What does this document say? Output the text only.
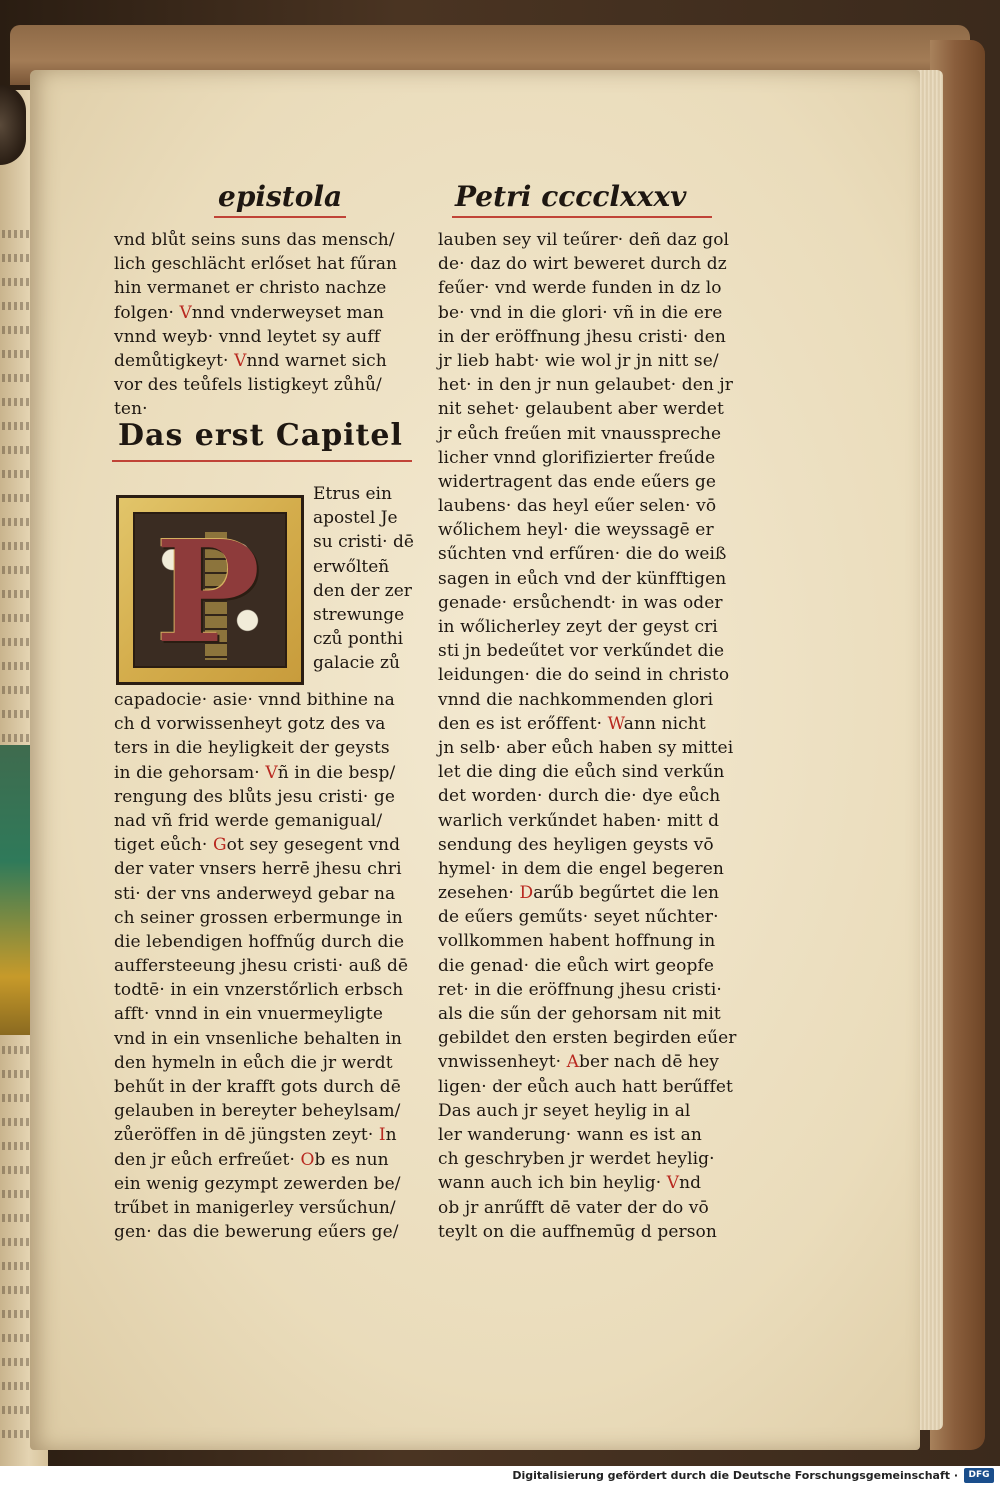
epistola	Petri cccclxxxv
vnd blůt seins suns das mensch/
lich geschlächt erlőset hat fűran
hin vermanet er christo nachze
folgen· Vnnd vnderweyset man
vnnd weyb· vnnd leytet sy auff
demůtigkeyt· Vnnd warnet sich
vor des teůfels listigkeyt zůhů/
ten·
Das erst Capitel
P
Etrus ein
apostel Je
su cristi· dē
erwőlteñ
den der zer
strewunge
czů ponthi
galacie zů
capadocie· asie· vnnd bithine na
ch d vorwissenheyt gotz des va
ters in die heyligkeit der geysts
in die gehorsam· Vñ in die besp/
rengung des blůts jesu cristi· ge
nad vñ frid werde gemanigual/
tiget eůch· Got sey gesegent vnd
der vater vnsers herrē jhesu chri
sti· der vns anderweyd gebar na
ch seiner grossen erbermunge in
die lebendigen hoffnűg durch die
auffersteeung jhesu cristi· auß dē
todtē· in ein vnzerstőrlich erbsch
afft· vnnd in ein vnuermeyligte
vnd in ein vnsenliche behalten in
den hymeln in eůch die jr werdt
behűt in der krafft gots durch dē
gelauben in bereyter beheylsam/
zůeröffen in dē jüngsten zeyt· In
den jr eůch erfreűet· Ob es nun
ein wenig gezympt zewerden be/
trűbet in manigerley versűchun/
gen· das die bewerung eűers ge/
lauben sey vil teűrer· deñ daz gol
de· daz do wirt beweret durch dz
feűer· vnd werde funden in dz lo
be· vnd in die glori· vñ in die ere
in der eröffnung jhesu cristi· den
jr lieb habt· wie wol jr jn nitt se/
het· in den jr nun gelaubet· den jr
nit sehet· gelaubent aber werdet
jr eůch freűen mit vnausspreche
licher vnnd glorifizierter freűde
widertragent das ende eűers ge
laubens· das heyl eűer selen· vō
wőlichem heyl· die weyssagē er
sűchten vnd erfűren· die do weiß
sagen in eůch vnd der künfftigen
genade· ersůchendt· in was oder
in wőlicherley zeyt der geyst cri
sti jn bedeűtet vor verkűndet die
leidungen· die do seind in christo
vnnd die nachkommenden glori
den es ist erőffent· Wann nicht
jn selb· aber eůch haben sy mittei
let die ding die eůch sind verkűn
det worden· durch die· dye eůch
warlich verkűndet haben· mitt d
sendung des heyligen geysts vō
hymel· in dem die engel begeren
zesehen· Darűb begűrtet die len
de eűers geműts· seyet nűchter·
vollkommen habent hoffnung in
die genad· die eůch wirt geopfe
ret· in die eröffnung jhesu cristi·
als die sűn der gehorsam nit mit
gebildet den ersten begirden eűer
vnwissenheyt· Aber nach dē hey
ligen· der eůch auch hatt berűffet
Das auch jr seyet heylig in al
ler wanderung· wann es ist an
ch geschryben jr werdet heylig·
wann auch ich bin heylig· Vnd
ob jr anrűfft dē vater der do vō
teylt on die auffnemūg d person
Digitalisierung gefördert durch die Deutsche Forschungsgemeinschaft ·	DFG
